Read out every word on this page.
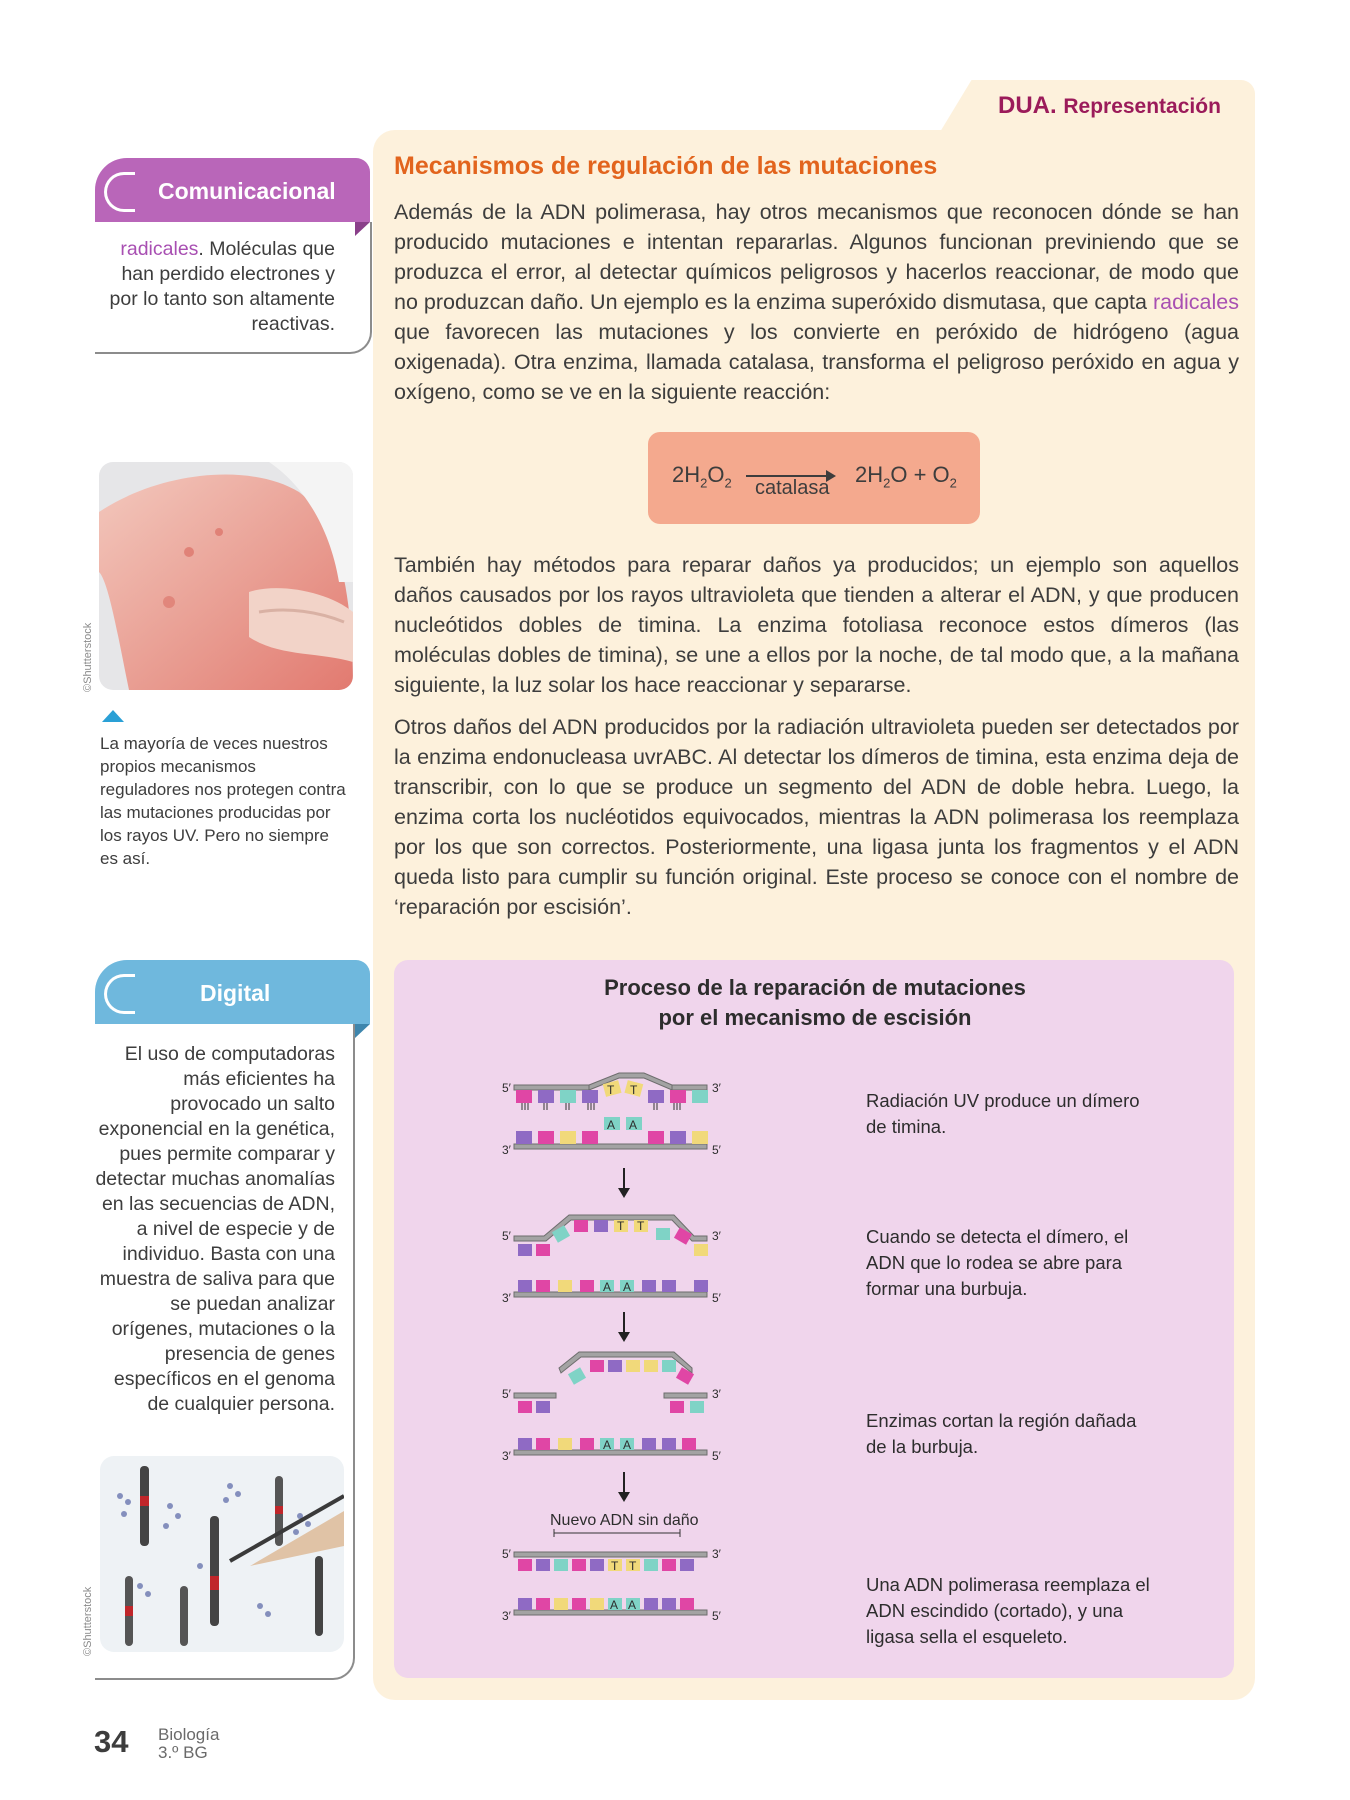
DUA. Representación
Mecanismos de regulación de las mutaciones
Además de la ADN polimerasa, hay otros mecanismos que reconocen dónde se han producido mutaciones e intentan repararlas. Algunos funcionan previniendo que se produzca el error, al detectar químicos peligrosos y hacerlos reaccionar, de modo que no produzcan daño. Un ejemplo es la enzima superóxido dismutasa, que capta radicales que favorecen las mutaciones y los convierte en peróxido de hidrógeno (agua oxigenada). Otra enzima, llamada catalasa, transforma el peligroso peróxido en agua y oxígeno, como se ve en la siguiente reacción:
$2H_2O_2$ catalasa
$2H_2O + O_2$
También hay métodos para reparar daños ya producidos; un ejemplo son aquellos daños causados por los rayos ultravioleta que tienden a alterar el ADN, y que producen nucleótidos dobles de timina. La enzima fotoliasa reconoce estos dímeros (las moléculas dobles de timina), se une a ellos por la noche, de tal modo que, a la mañana siguiente, la luz solar los hace reaccionar y separarse.
Otros daños del ADN producidos por la radiación ultravioleta pueden ser detectados por la enzima endonucleasa uvrABC. Al detectar los dímeros de timina, esta enzima deja de transcribir, con lo que se produce un segmento del ADN de doble hebra. Luego, la enzima corta los nucléotidos equivocados, mientras la ADN polimerasa los reemplaza por los que son correctos. Posteriormente, una ligasa junta los fragmentos y el ADN queda listo para cumplir su función original. Este proceso se conoce con el nombre de ‘reparación por escisión’.
Comunicacional
radicales. Moléculas que han perdido electrones y por lo tanto son altamente reactivas.
©Shutterstock
La mayoría de veces nuestros propios mecanismos reguladores nos protegen contra las mutaciones producidas por los rayos UV. Pero no siempre es así.
Digital
El uso de computadoras más eficientes ha provocado un salto exponencial en la genética, pues permite comparar y detectar muchas anomalías en las secuencias de ADN, a nivel de especie y de individuo. Basta con una muestra de saliva para que se puedan analizar orígenes, mutaciones o la presencia de genes específicos en el genoma de cualquier persona.
©Shutterstock
Proceso de la reparación de mutaciones
por el mecanismo de escisión
5′
3′
3′
5′
T T
A A
5′
3′
3′
5′
T T
A A
5′
3′
3′
5′
A A
Nuevo ADN sin daño
5′
3′
3′
5′
T T
A A
Radiación UV produce un dímero de timina.
Cuando se detecta el dímero, el ADN que lo rodea se abre para formar una burbuja.
Enzimas cortan la región dañada de la burbuja.
Una ADN polimerasa reemplaza el ADN escindido (cortado), y una ligasa sella el esqueleto.
34 Biología
3.º BG
